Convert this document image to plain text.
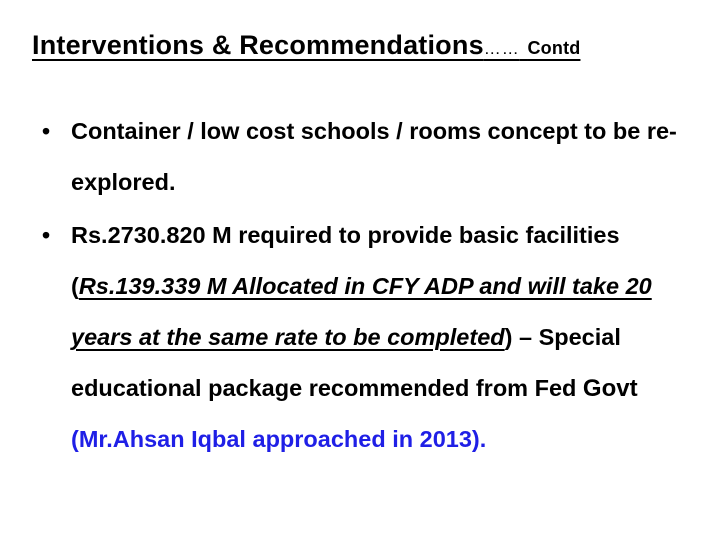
Interventions & Recommendations…… Contd
• Container / low cost schools / rooms concept to be re-explored.
• Rs.2730.820 M required to provide basic facilities (Rs.139.339 M Allocated in CFY ADP and will take 20 years at the same rate to be completed) – Special educational package recommended from Fed Govt (Mr.Ahsan Iqbal approached in 2013).
